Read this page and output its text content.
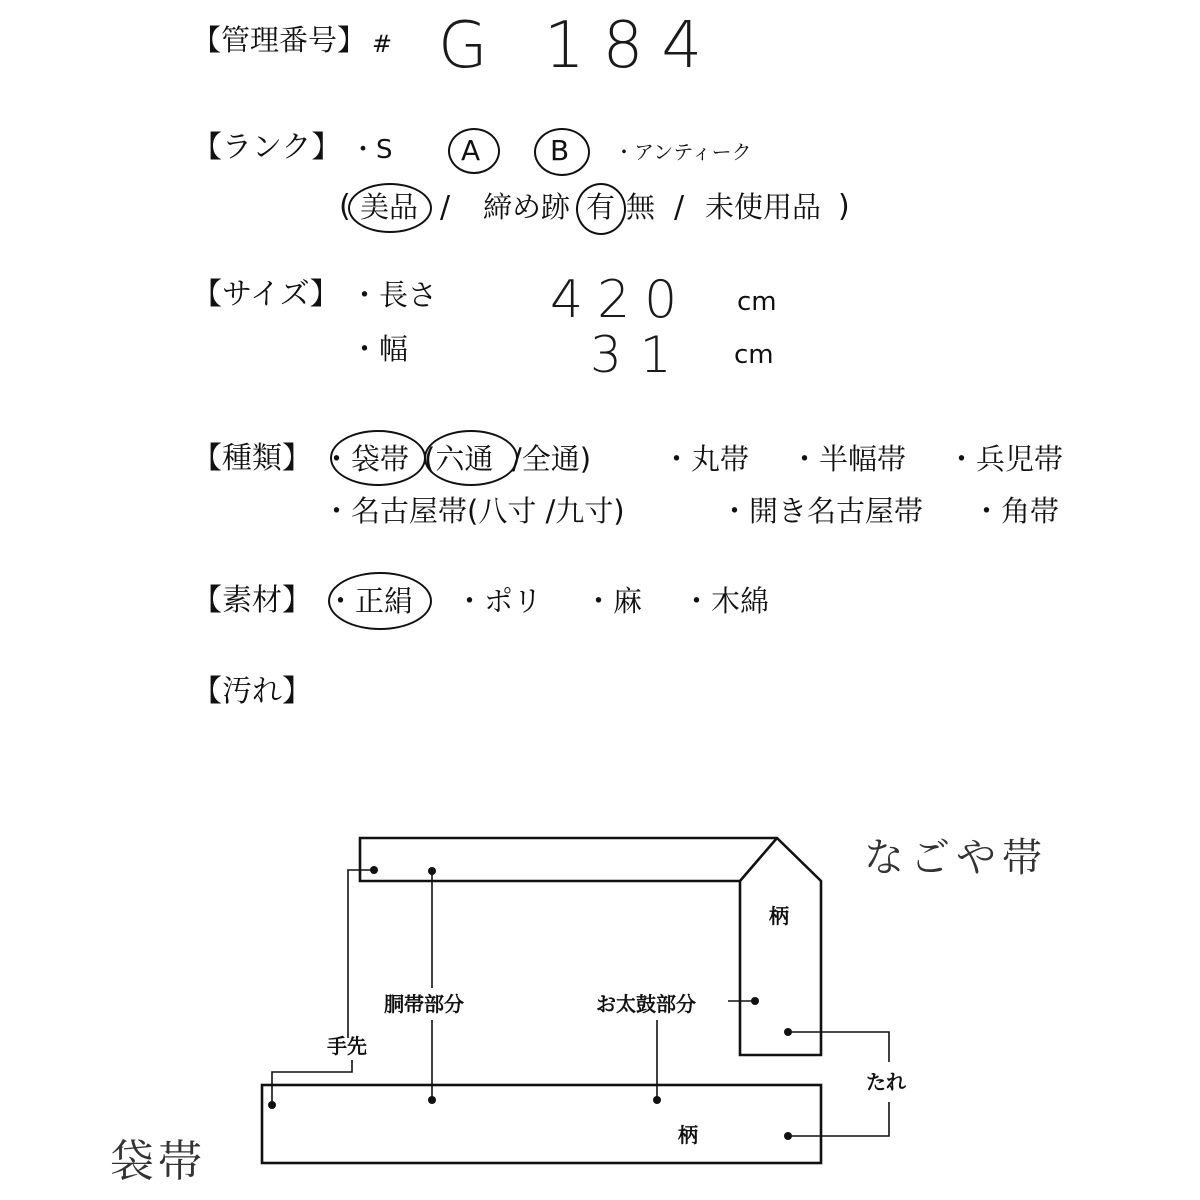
【管理番号】 # G 184
【ランク】 ・S A B ・アンティーク
( 美品 / 締め跡 有 無 / 未使用品 )
【サイズ】 ・長さ 420 cm
・幅	31 cm
【種類】 ・袋帯 (六通 /全通) ・丸帯 ・半幅帯 ・兵児帯
・名古屋帯(八寸 /九寸)	・開き名古屋帯 ・角帯
【素材】 ・正絹 ・ポリ ・麻 ・木綿
【汚れ】
なごや帯
袋帯
柄
柄
胴帯部分	お太鼓部分
手先
たれ
